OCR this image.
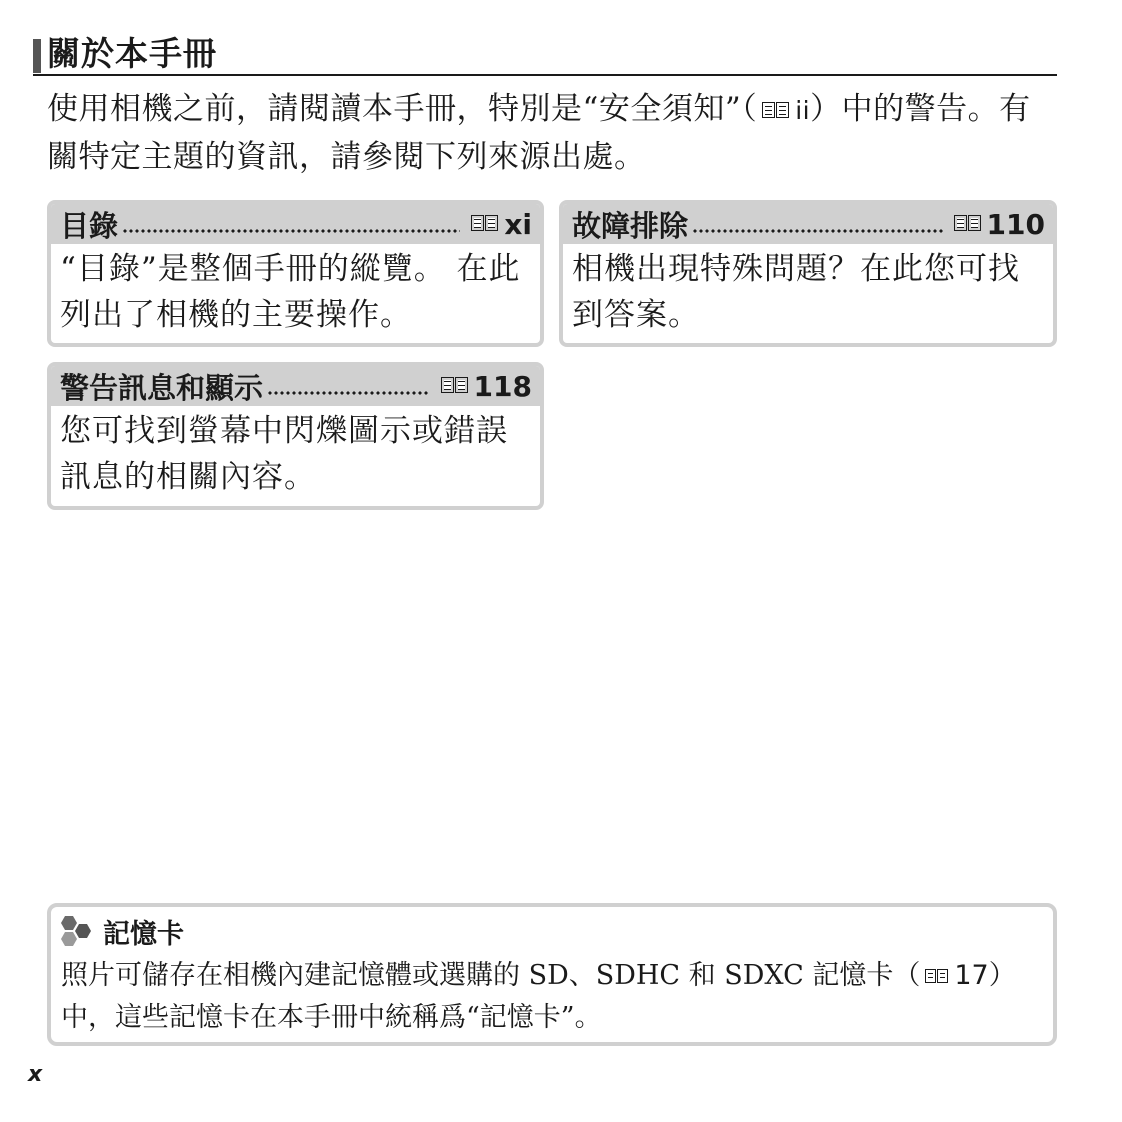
關於本手冊
使用相機之前，請閱讀本手冊，特別是“安全須知”（ ii）中的警告。有關特定主題的資訊，請參閱下列來源出處。
目錄	xi
“目錄”是整個手冊的縱覽。 在此列出了相機的主要操作。
故障排除	110
相機出現特殊問題？在此您可找到答案。
警告訊息和顯示	118
您可找到螢幕中閃爍圖示或錯誤訊息的相關內容。
記憶卡
照片可儲存在相機內建記憶體或選購的 SD、SDHC 和 SDXC 記憶卡（ 17）中，這些記憶卡在本手冊中統稱爲“記憶卡”。
x
